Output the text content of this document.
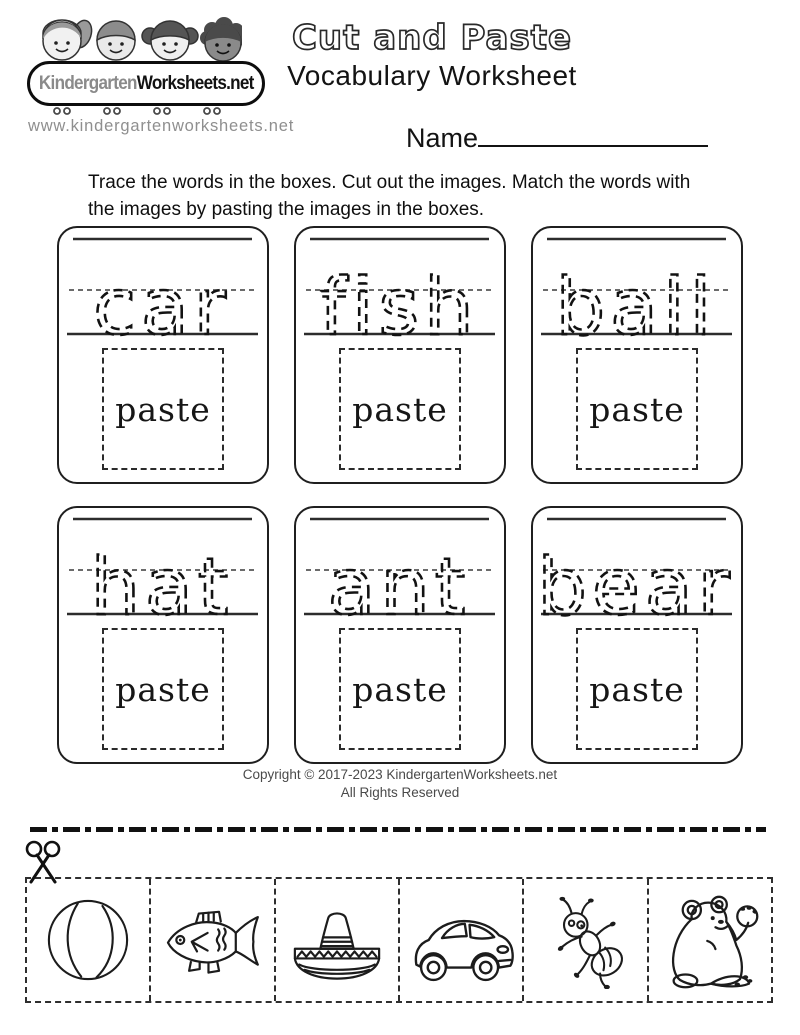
KindergartenWorksheets.net
www.kindergartenworksheets.net
Cut and Paste
Vocabulary Worksheet
Name
Trace the words in the boxes. Cut out the images. Match the words with the images by pasting the images in the boxes.
car
paste
fish
paste
ball
paste
hat
paste
ant
paste
bear
paste
Copyright © 2017-2023 KindergartenWorksheets.net
All Rights Reserved
